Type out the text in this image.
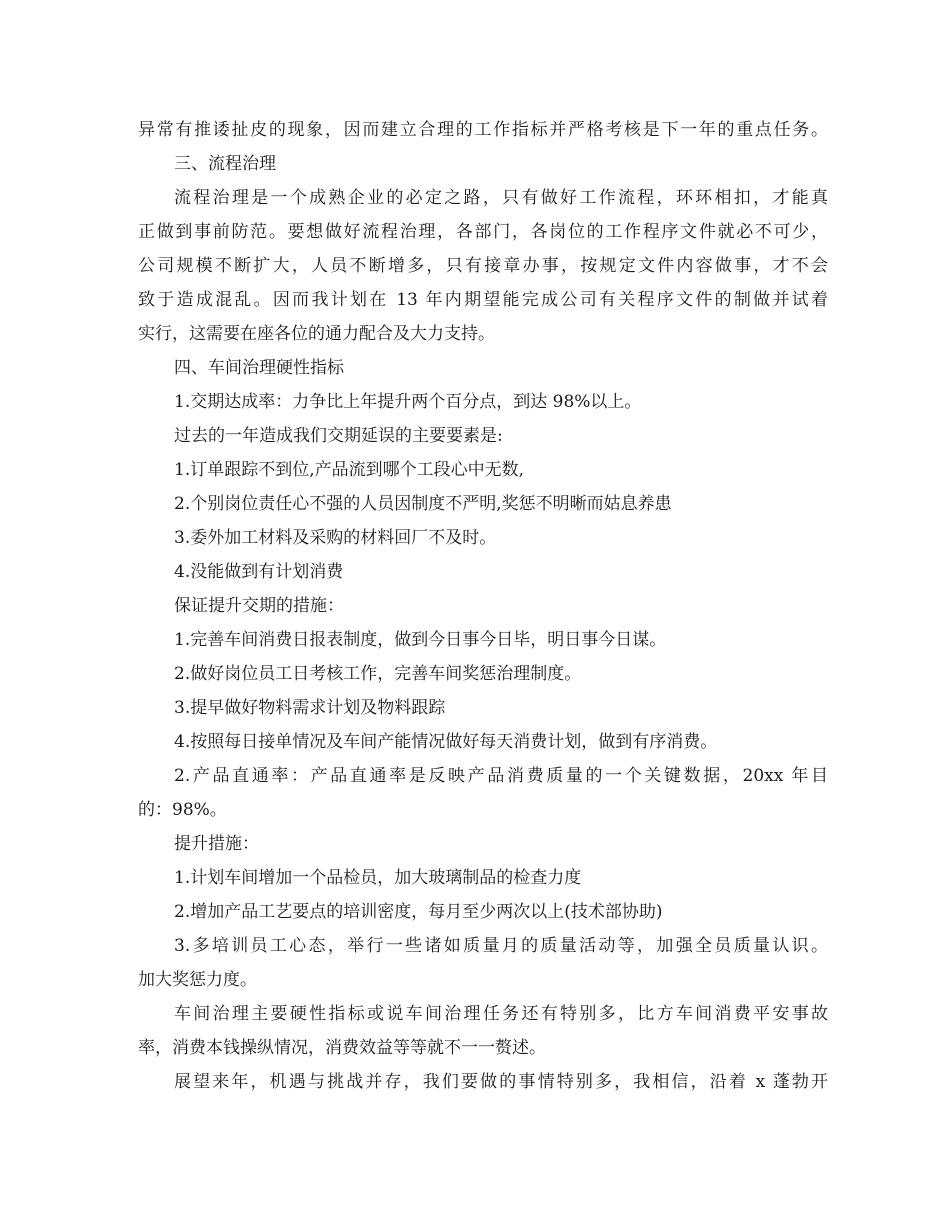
异常有推诿扯皮的现象，因而建立合理的工作指标并严格考核是下一年的重点任务。
三、流程治理
流程治理是一个成熟企业的必定之路，只有做好工作流程，环环相扣，才能真
正做到事前防范。要想做好流程治理，各部门，各岗位的工作程序文件就必不可少，
公司规模不断扩大，人员不断增多，只有接章办事，按规定文件内容做事，才不会
致于造成混乱。因而我计划在 13 年内期望能完成公司有关程序文件的制做并试着
实行，这需要在座各位的通力配合及大力支持。
四、车间治理硬性指标
1.交期达成率：力争比上年提升两个百分点，到达 98%以上。
过去的一年造成我们交期延误的主要要素是:
1.订单跟踪不到位,产品流到哪个工段心中无数,
2.个别岗位责任心不强的人员因制度不严明,奖惩不明晰而姑息养患
3.委外加工材料及采购的材料回厂不及时。
4.没能做到有计划消费
保证提升交期的措施：
1.完善车间消费日报表制度，做到今日事今日毕，明日事今日谋。
2.做好岗位员工日考核工作，完善车间奖惩治理制度。
3.提早做好物料需求计划及物料跟踪
4.按照每日接单情况及车间产能情况做好每天消费计划，做到有序消费。
2.产品直通率：产品直通率是反映产品消费质量的一个关键数据，20xx 年目
的：98%。
提升措施：
1.计划车间增加一个品检员，加大玻璃制品的检查力度
2.增加产品工艺要点的培训密度，每月至少两次以上(技术部协助)
3.多培训员工心态，举行一些诸如质量月的质量活动等，加强全员质量认识。
加大奖惩力度。
车间治理主要硬性指标或说车间治理任务还有特别多，比方车间消费平安事故
率，消费本钱操纵情况，消费效益等等就不一一赘述。
展望来年，机遇与挑战并存，我们要做的事情特别多，我相信，沿着 x 蓬勃开
